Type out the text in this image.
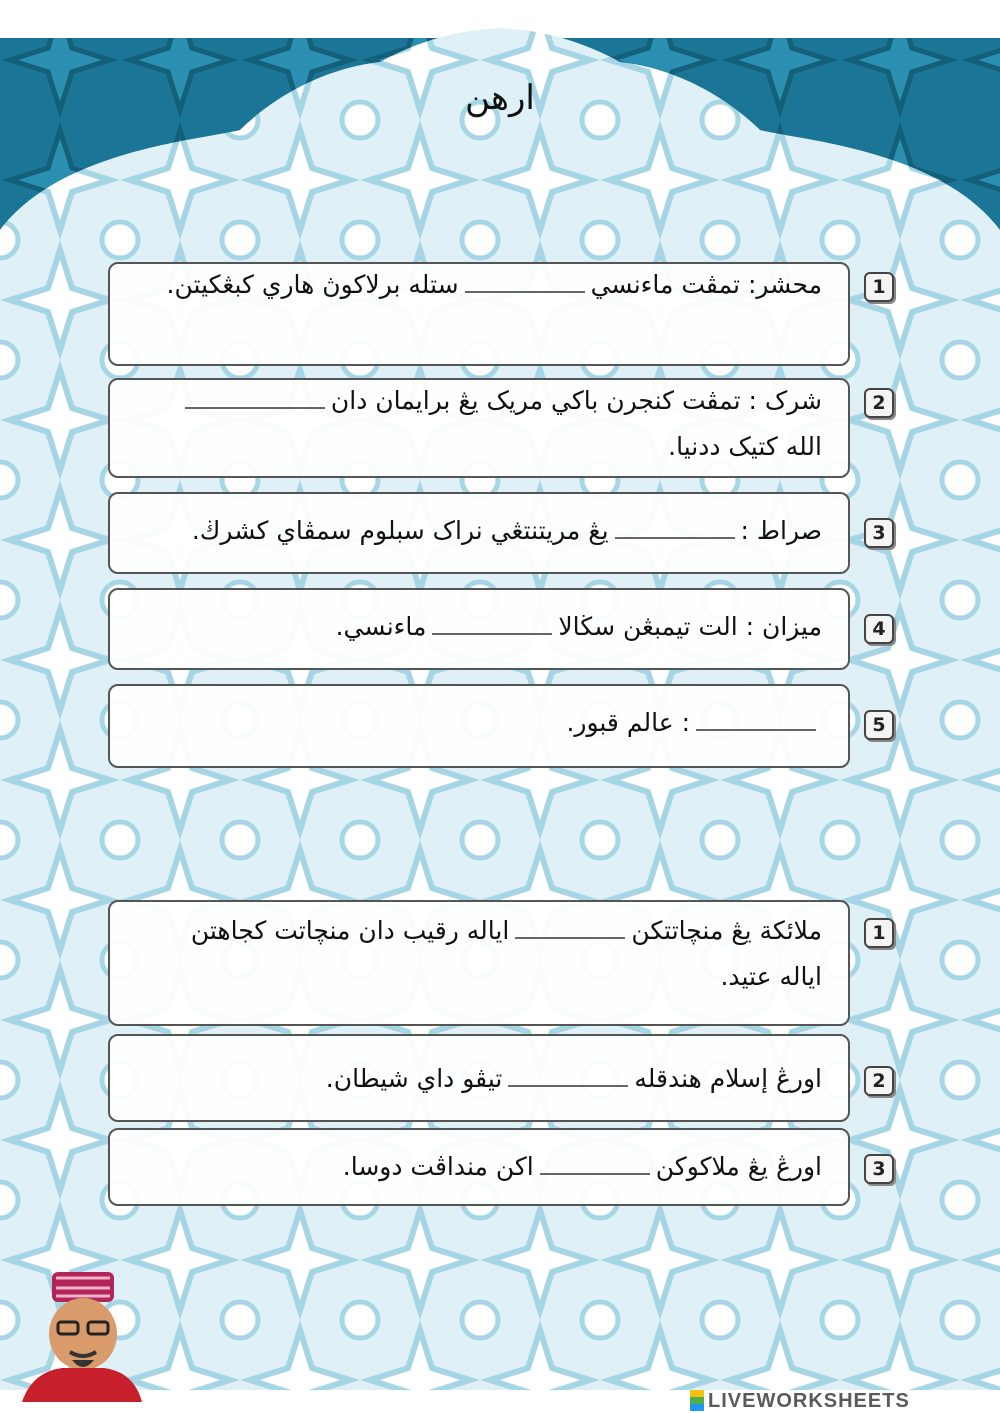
ارهن
1
محشر: تمڤت ماءنسيستله برلاكوڽ هاري كبڠكيتن.
2
شرک : تمڤت کنجرن باکي مريک يڠ برايمان دانالله کتيک ددنيا.
3
صراط :يڠ مريتنتڠي نراک سبلوم سمڤاي کشرڬ.
4
ميزان : الت تيمبڠن سڬالاماءنسي.
5
: عالم قبور.
1
ملائكة يڠ منچاتتکناياله رقيب دان منچاتت كجاهتن اياله عتيد.
2
اورڠ إسلام هندقلهتيڤو داي شيطان.
3
اورڠ يڠ ملاكوكناكن منداڤت دوسا.
LIVEWORKSHEETS
